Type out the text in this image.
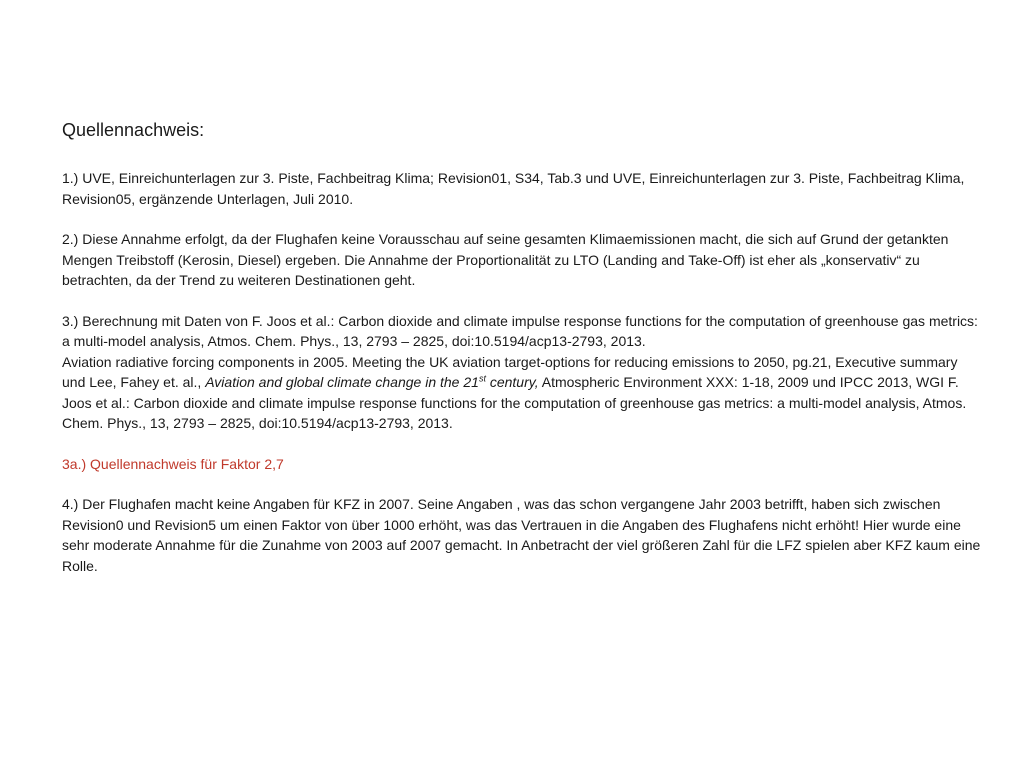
Quellennachweis:

1.) UVE, Einreichunterlagen zur 3. Piste, Fachbeitrag Klima; Revision01, S34, Tab.3 und UVE, Einreichunterlagen zur 3. Piste, Fachbeitrag Klima, Revision05, ergänzende Unterlagen, Juli 2010.

2.) Diese Annahme erfolgt, da der Flughafen keine Vorausschau auf seine gesamten Klimaemissionen macht, die sich auf Grund der getankten Mengen Treibstoff (Kerosin, Diesel) ergeben. Die Annahme der Proportionalität zu LTO (Landing and Take-Off) ist eher als „konservativ“ zu betrachten, da der Trend zu weiteren Destinationen geht.

3.) Berechnung mit Daten von F. Joos et al.: Carbon dioxide and climate impulse response functions for the computation of greenhouse gas metrics: a multi-model analysis, Atmos. Chem. Phys., 13, 2793 – 2825, doi:10.5194/acp13-2793, 2013.

Aviation radiative forcing components in 2005. Meeting the UK aviation target-options for reducing emissions to 2050, pg.21, Executive summary und Lee, Fahey et. al., Aviation and global climate change in the 21st century, Atmospheric Environment XXX: 1-18, 2009 und IPCC 2013, WGI F. Joos et al.: Carbon dioxide and climate impulse response functions for the computation of greenhouse gas metrics: a multi-model analysis, Atmos. Chem. Phys., 13, 2793 – 2825, doi:10.5194/acp13-2793, 2013.

3a.) Quellennachweis für Faktor 2,7

4.) Der Flughafen macht keine Angaben für KFZ in 2007. Seine Angaben , was das schon vergangene Jahr 2003 betrifft, haben sich zwischen Revision0 und Revision5 um einen Faktor von über 1000 erhöht, was das Vertrauen in die Angaben des Flughafens nicht erhöht! Hier wurde eine sehr moderate Annahme für die Zunahme von 2003 auf 2007 gemacht. In Anbetracht der viel größeren Zahl für die LFZ spielen aber KFZ kaum eine Rolle.
